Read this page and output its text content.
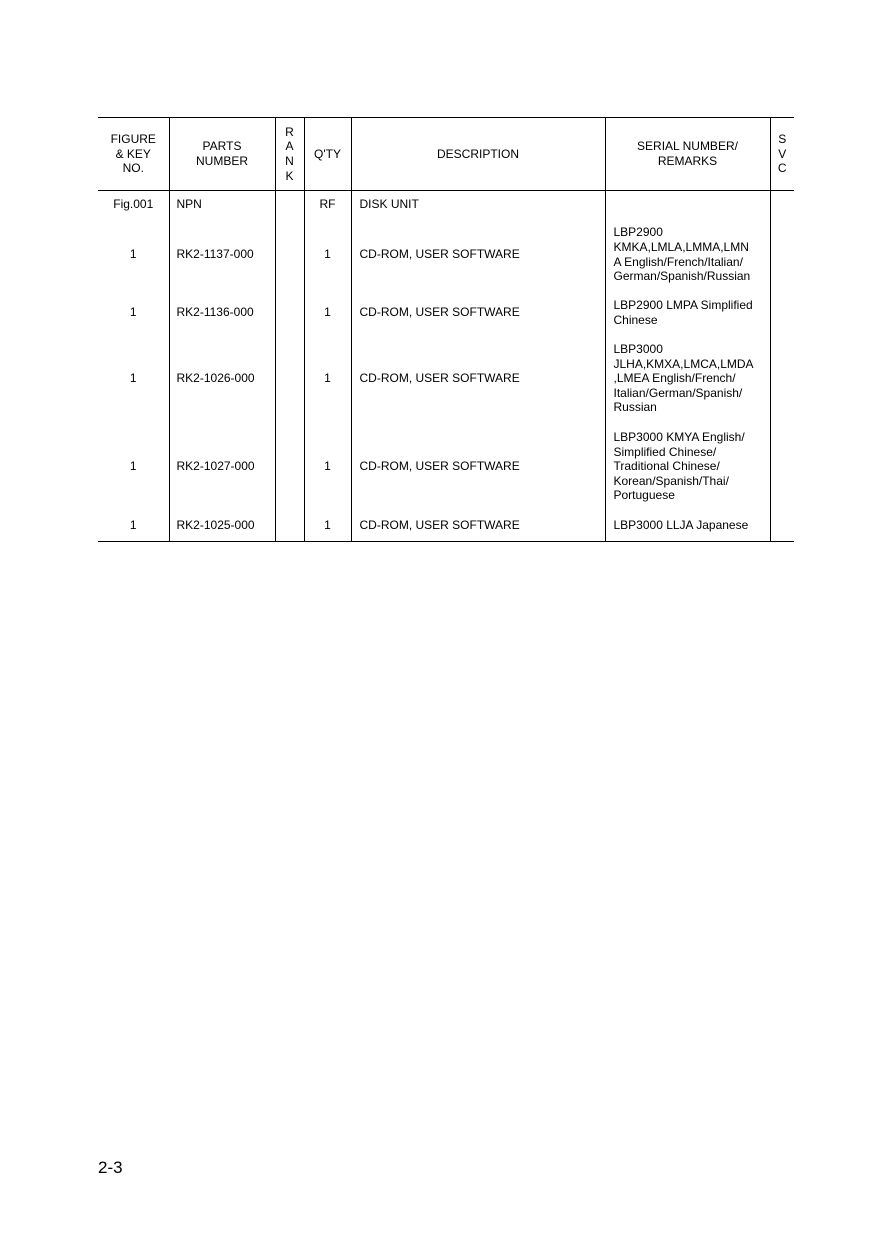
FIGURE
& KEY
NO.	PARTS
NUMBER	R
A
N
K	Q'TY	DESCRIPTION	SERIAL NUMBER/
REMARKS	S
V
C

Fig.001	NPN		RF	DISK UNIT		
1	RK2-1137-000		1	CD-ROM, USER SOFTWARE	LBP2900
KMKA,LMLA,LMMA,LMN
A English/French/Italian/
German/Spanish/Russian	
1	RK2-1136-000		1	CD-ROM, USER SOFTWARE	LBP2900 LMPA Simplified
Chinese	
1	RK2-1026-000		1	CD-ROM, USER SOFTWARE	LBP3000
JLHA,KMXA,LMCA,LMDA
,LMEA English/French/
Italian/German/Spanish/
Russian	
1	RK2-1027-000		1	CD-ROM, USER SOFTWARE	LBP3000 KMYA English/
Simplified Chinese/
Traditional Chinese/
Korean/Spanish/Thai/
Portuguese	
1	RK2-1025-000		1	CD-ROM, USER SOFTWARE	LBP3000 LLJA Japanese	
2-3
